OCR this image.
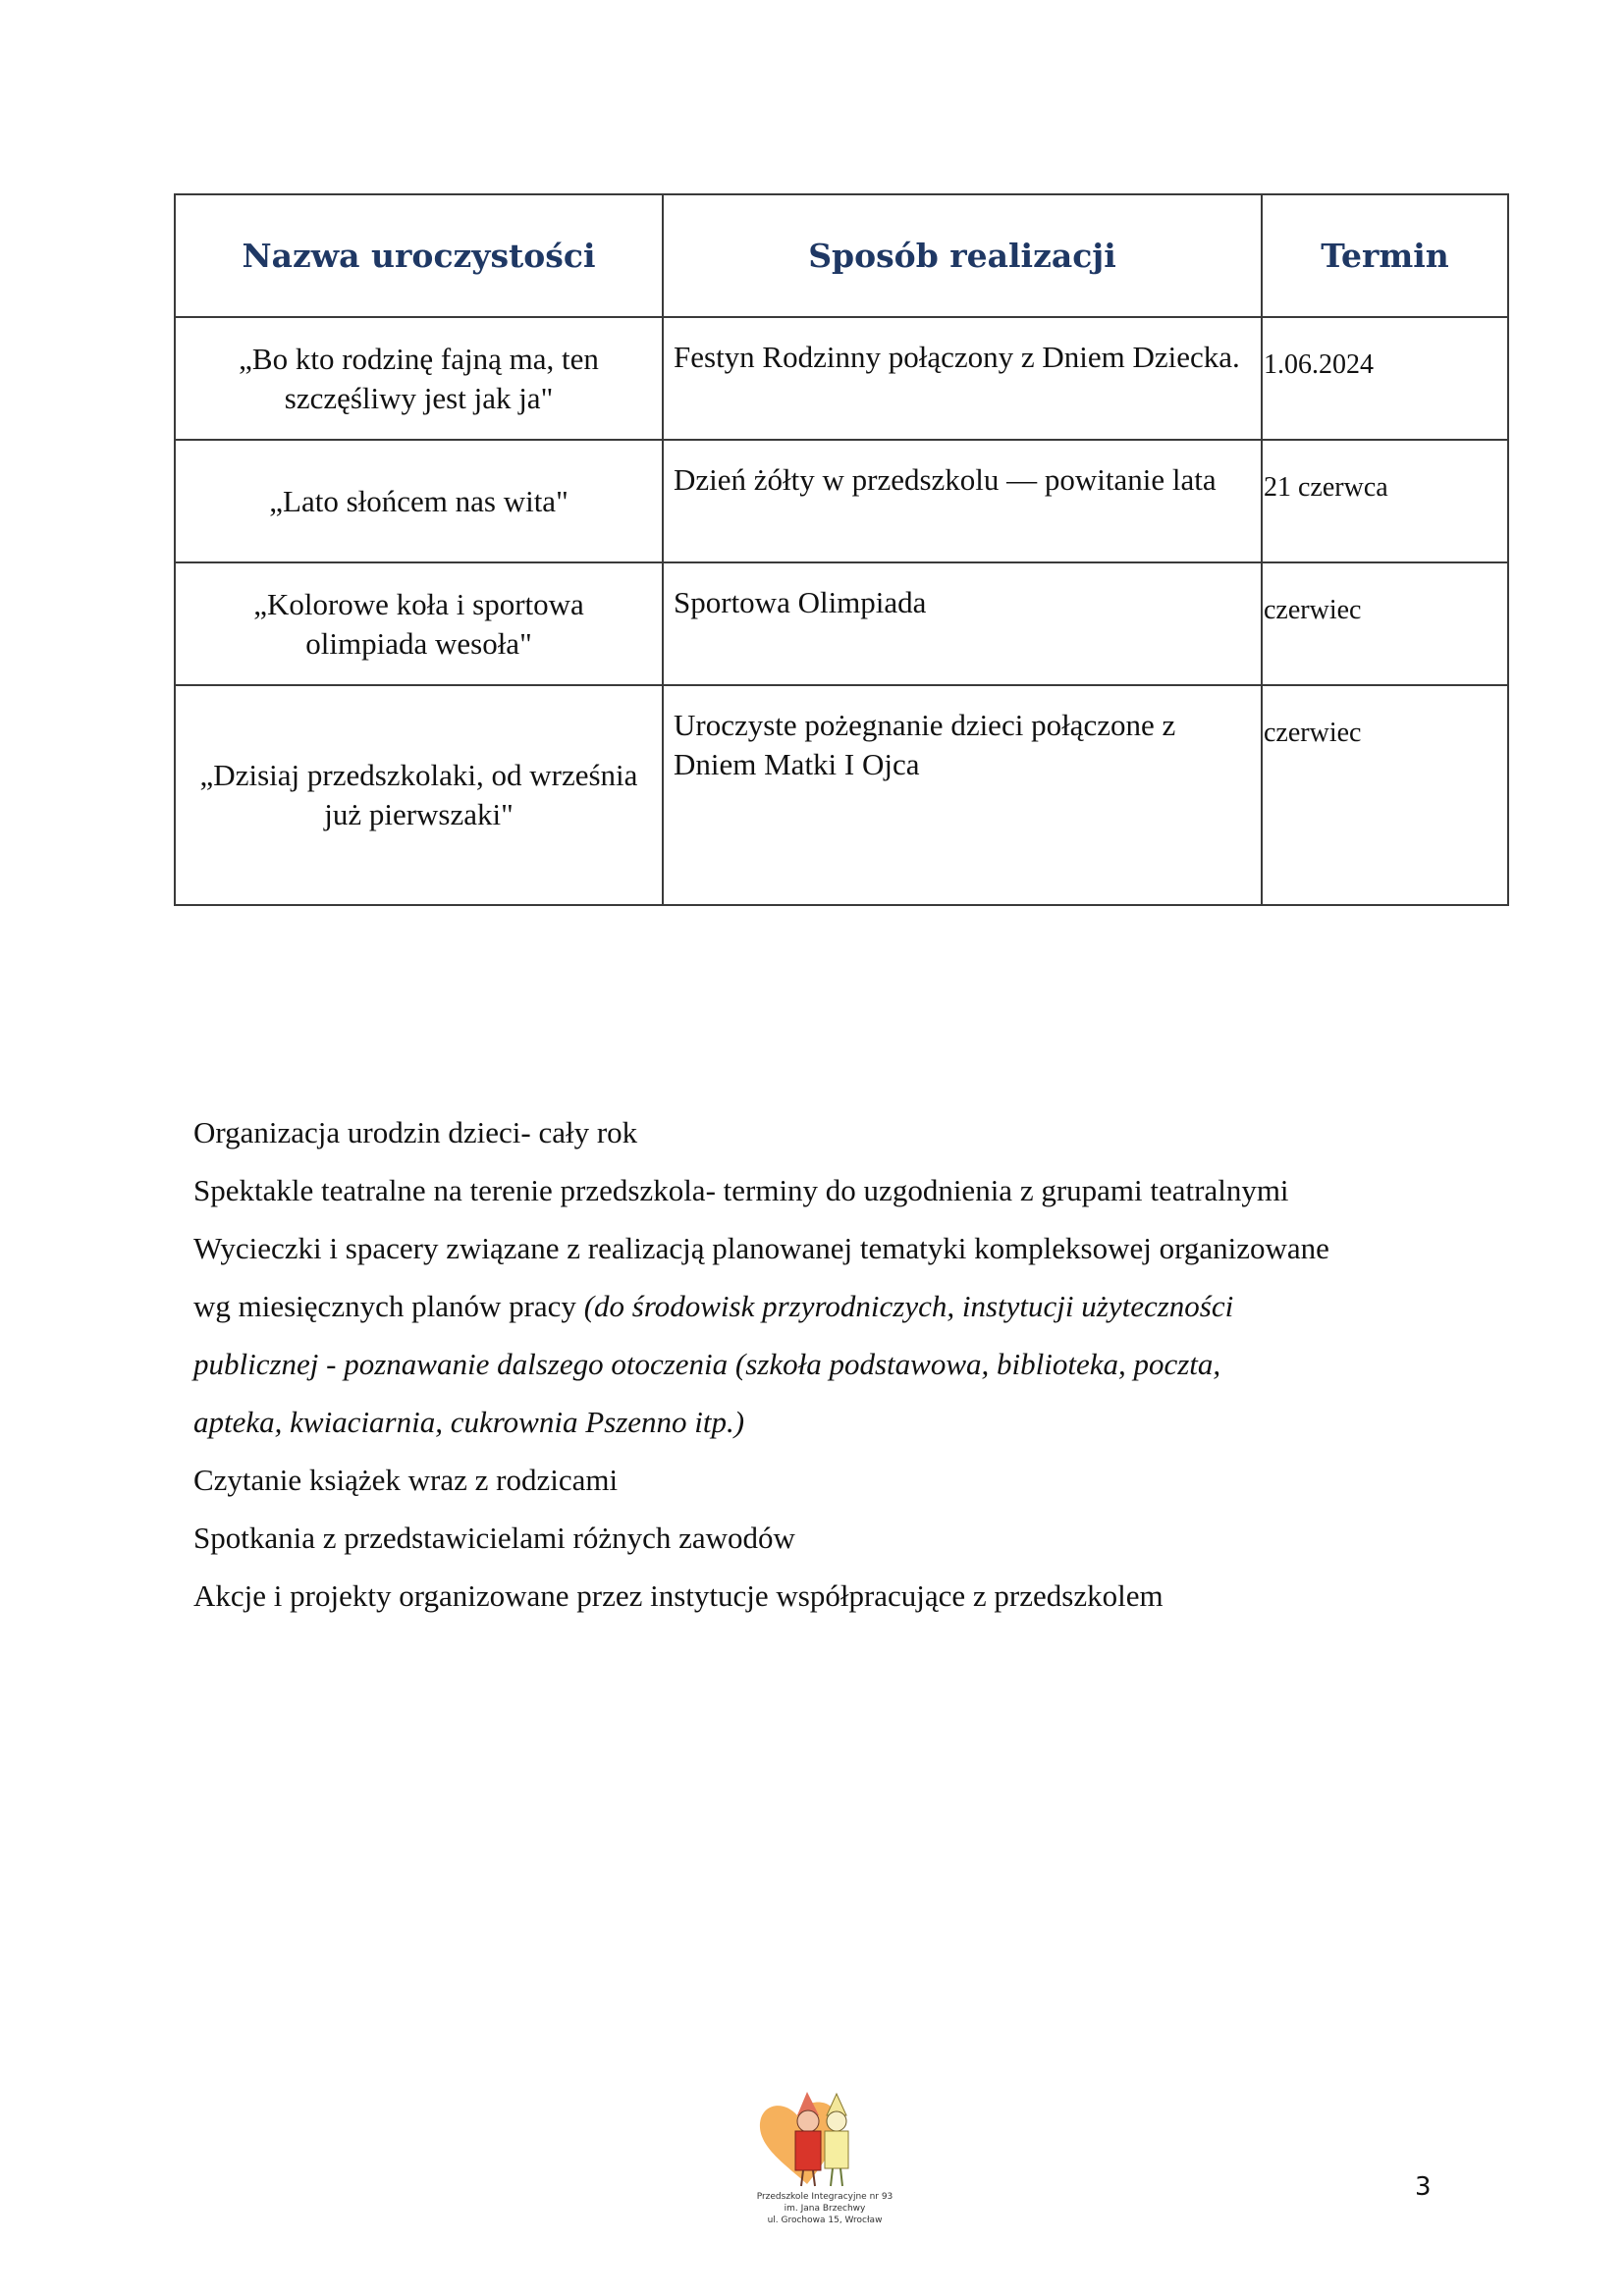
Nazwa uroczystości	Sposób realizacji	Termin
„Bo kto rodzinę fajną ma, ten szczęśliwy jest jak ja"	Festyn Rodzinny połączony z Dniem Dziecka.	1.06.2024
„Lato słońcem nas wita"	Dzień żółty w przedszkolu — powitanie lata	21 czerwca
„Kolorowe koła i sportowa olimpiada wesoła"	Sportowa Olimpiada	czerwiec
„Dzisiaj przedszkolaki, od września już pierwszaki"	Uroczyste pożegnanie dzieci połączone z Dniem Matki I Ojca	czerwiec

Organizacja urodzin dzieci- cały rok

Spektakle teatralne na terenie przedszkola- terminy do uzgodnienia z grupami teatralnymi

Wycieczki i spacery związane z realizacją planowanej tematyki kompleksowej organizowane

wg miesięcznych planów pracy (do środowisk przyrodniczych, instytucji użyteczności

publicznej - poznawanie dalszego otoczenia (szkoła podstawowa, biblioteka, poczta,

apteka, kwiaciarnia, cukrownia Pszenno itp.)

Czytanie książek wraz z rodzicami

Spotkania z przedstawicielami różnych zawodów

Akcje i projekty organizowane przez instytucje współpracujące z przedszkolem

Przedszkole Integracyjne nr 93
im. Jana Brzechwy
ul. Grochowa 15, Wrocław
3
